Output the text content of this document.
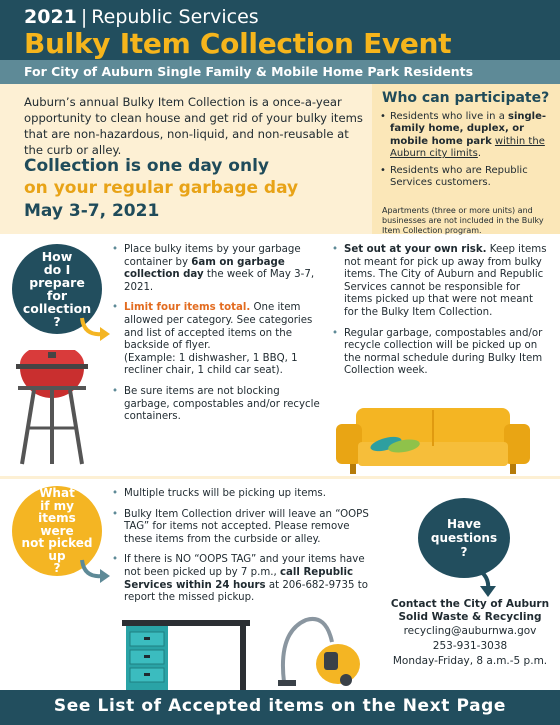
2021 | Republic Services
Bulky Item Collection Event
For City of Auburn Single Family & Mobile Home Park Residents
Auburn’s annual Bulky Item Collection is a once-a-year opportunity to clean house and get rid of your bulky items that are non-hazardous, non-liquid, and non-reusable at the curb or alley.
Collection is one day only
on your regular garbage day
May 3-7, 2021
Who can participate?
• Residents who live in a single-family home, duplex, or mobile home park within the Auburn city limits.
• Residents who are Republic Services customers.
Apartments (three or more units) and businesses are not included in the Bulky Item Collection program.
How
do I
prepare
for
collection
?
• Place bulky items by your garbage container by 6am on garbage collection day the week of May 3-7, 2021.
• Limit four items total. One item allowed per category. See categories and list of accepted items on the backside of flyer.
(Example: 1 dishwasher, 1 BBQ, 1 recliner chair, 1 child car seat).
• Be sure items are not blocking garbage, compostables and/or recycle containers.
• Set out at your own risk. Keep items not meant for pick up away from bulky items. The City of Auburn and Republic Services cannot be responsible for items picked up that were not meant for the Bulky Item Collection.
• Regular garbage, compostables and/or recycle collection will be picked up on the normal schedule during Bulky Item Collection week.
What
if my
items were
not picked
up
?
• Multiple trucks will be picking up items.
• Bulky Item Collection driver will leave an “OOPS TAG” for items not accepted. Please remove these items from the curbside or alley.
• If there is NO “OOPS TAG” and your items have not been picked up by 7 p.m., call Republic Services within 24 hours at 206-682-9735 to report the missed pickup.
Have
questions
?
Contact the City of Auburn
Solid Waste & Recycling
recycling@auburnwa.gov
253-931-3038
Monday-Friday, 8 a.m.-5 p.m.
See List of Accepted items on the Next Page
